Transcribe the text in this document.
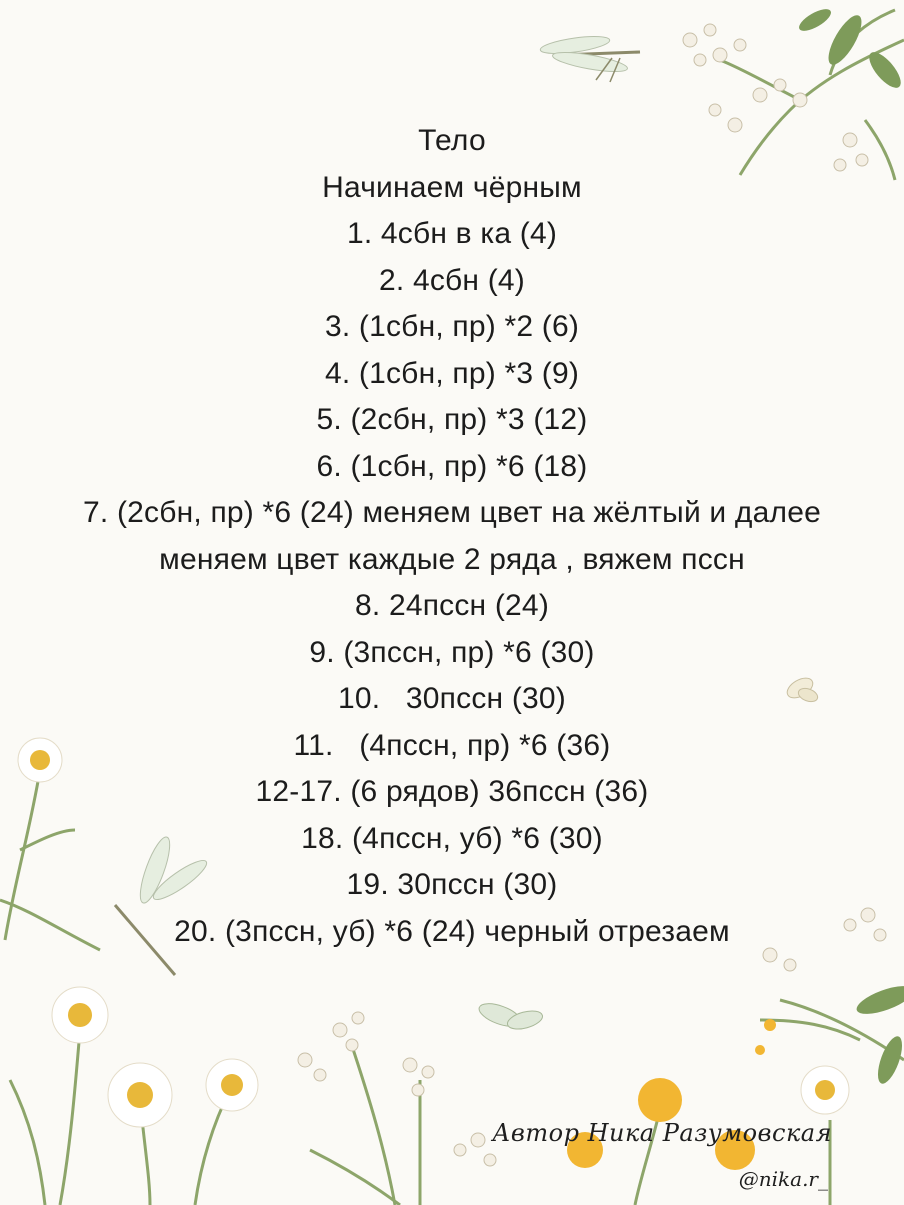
Тело
Начинаем чёрным
1. 4сбн в ка (4)
2. 4сбн (4)
3. (1сбн, пр) *2 (6)
4. (1сбн, пр) *3 (9)
5. (2сбн, пр) *3 (12)
6. (1сбн, пр) *6 (18)
7. (2сбн, пр) *6 (24) меняем цвет на жёлтый и далее
меняем цвет каждые 2 ряда , вяжем пссн
8. 24пссн (24)
9. (3пссн, пр) *6 (30)
10.   30пссн (30)
11.   (4пссн, пр) *6 (36)
12-17. (6 рядов) 36пссн (36)
18. (4пссн, уб) *6 (30)
19. 30пссн (30)
20. (3пссн, уб) *6 (24) черный отрезаем
Автор Ника Разумовская
@nika.r_
